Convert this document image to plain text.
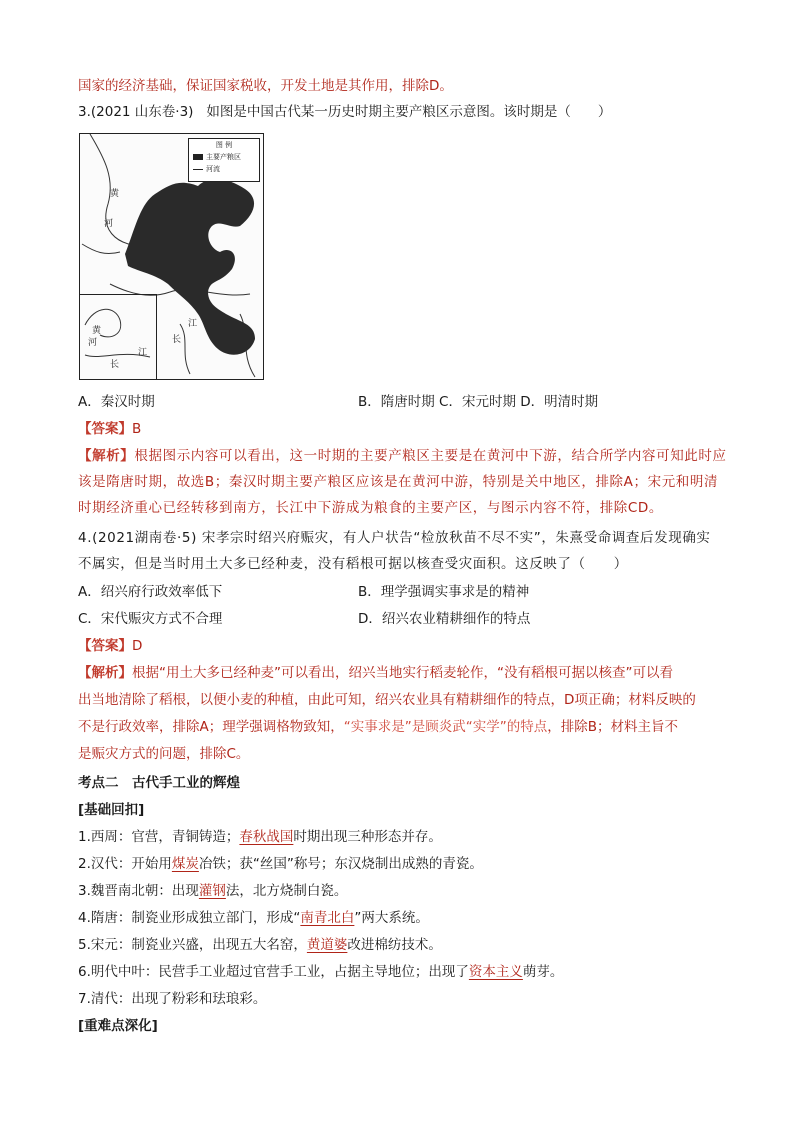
国家的经济基础，保证国家税收，开发土地是其作用，排除D。
3.(2021 山东卷·3) 如图是中国古代某一历史时期主要产粮区示意图。该时期是（　　）
图 例
主要产粮区
河流
黄
河
江
长
黄
河
长
江
A．秦汉时期	B．隋唐时期 C．宋元时期 D．明清时期
【答案】B
【解析】根据图示内容可以看出，这一时期的主要产粮区主要是在黄河中下游，结合所学内容可知此时应
该是隋唐时期，故选B；秦汉时期主要产粮区应该是在黄河中游，特别是关中地区，排除A；宋元和明清
时期经济重心已经转移到南方，长江中下游成为粮食的主要产区，与图示内容不符，排除CD。
4.(2021湖南卷·5) 宋孝宗时绍兴府赈灾，有人户状告“检放秋苗不尽不实”，朱熹受命调查后发现确实
不属实，但是当时用土大多已经种麦，没有稻根可据以核查受灾面积。这反映了（　　）
A．绍兴府行政效率低下	B．理学强调实事求是的精神
C．宋代赈灾方式不合理	D．绍兴农业精耕细作的特点
【答案】D
【解析】根据“用土大多已经种麦”可以看出，绍兴当地实行稻麦轮作，“没有稻根可据以核查”可以看
出当地清除了稻根，以便小麦的种植，由此可知，绍兴农业具有精耕细作的特点，D项正确；材料反映的
不是行政效率，排除A；理学强调格物致知，“实事求是”是顾炎武“实学”的特点，排除B；材料主旨不
是赈灾方式的问题，排除C。
考点二　古代手工业的辉煌
[基础回扣]
1.西周：官营，青铜铸造；春秋战国时期出现三种形态并存。
2.汉代：开始用煤炭冶铁；获“丝国”称号；东汉烧制出成熟的青瓷。
3.魏晋南北朝：出现灌钢法，北方烧制白瓷。
4.隋唐：制瓷业形成独立部门，形成“南青北白”两大系统。
5.宋元：制瓷业兴盛，出现五大名窑，黄道婆改进棉纺技术。
6.明代中叶：民营手工业超过官营手工业，占据主导地位；出现了资本主义萌芽。
7.清代：出现了粉彩和珐琅彩。
[重难点深化]
